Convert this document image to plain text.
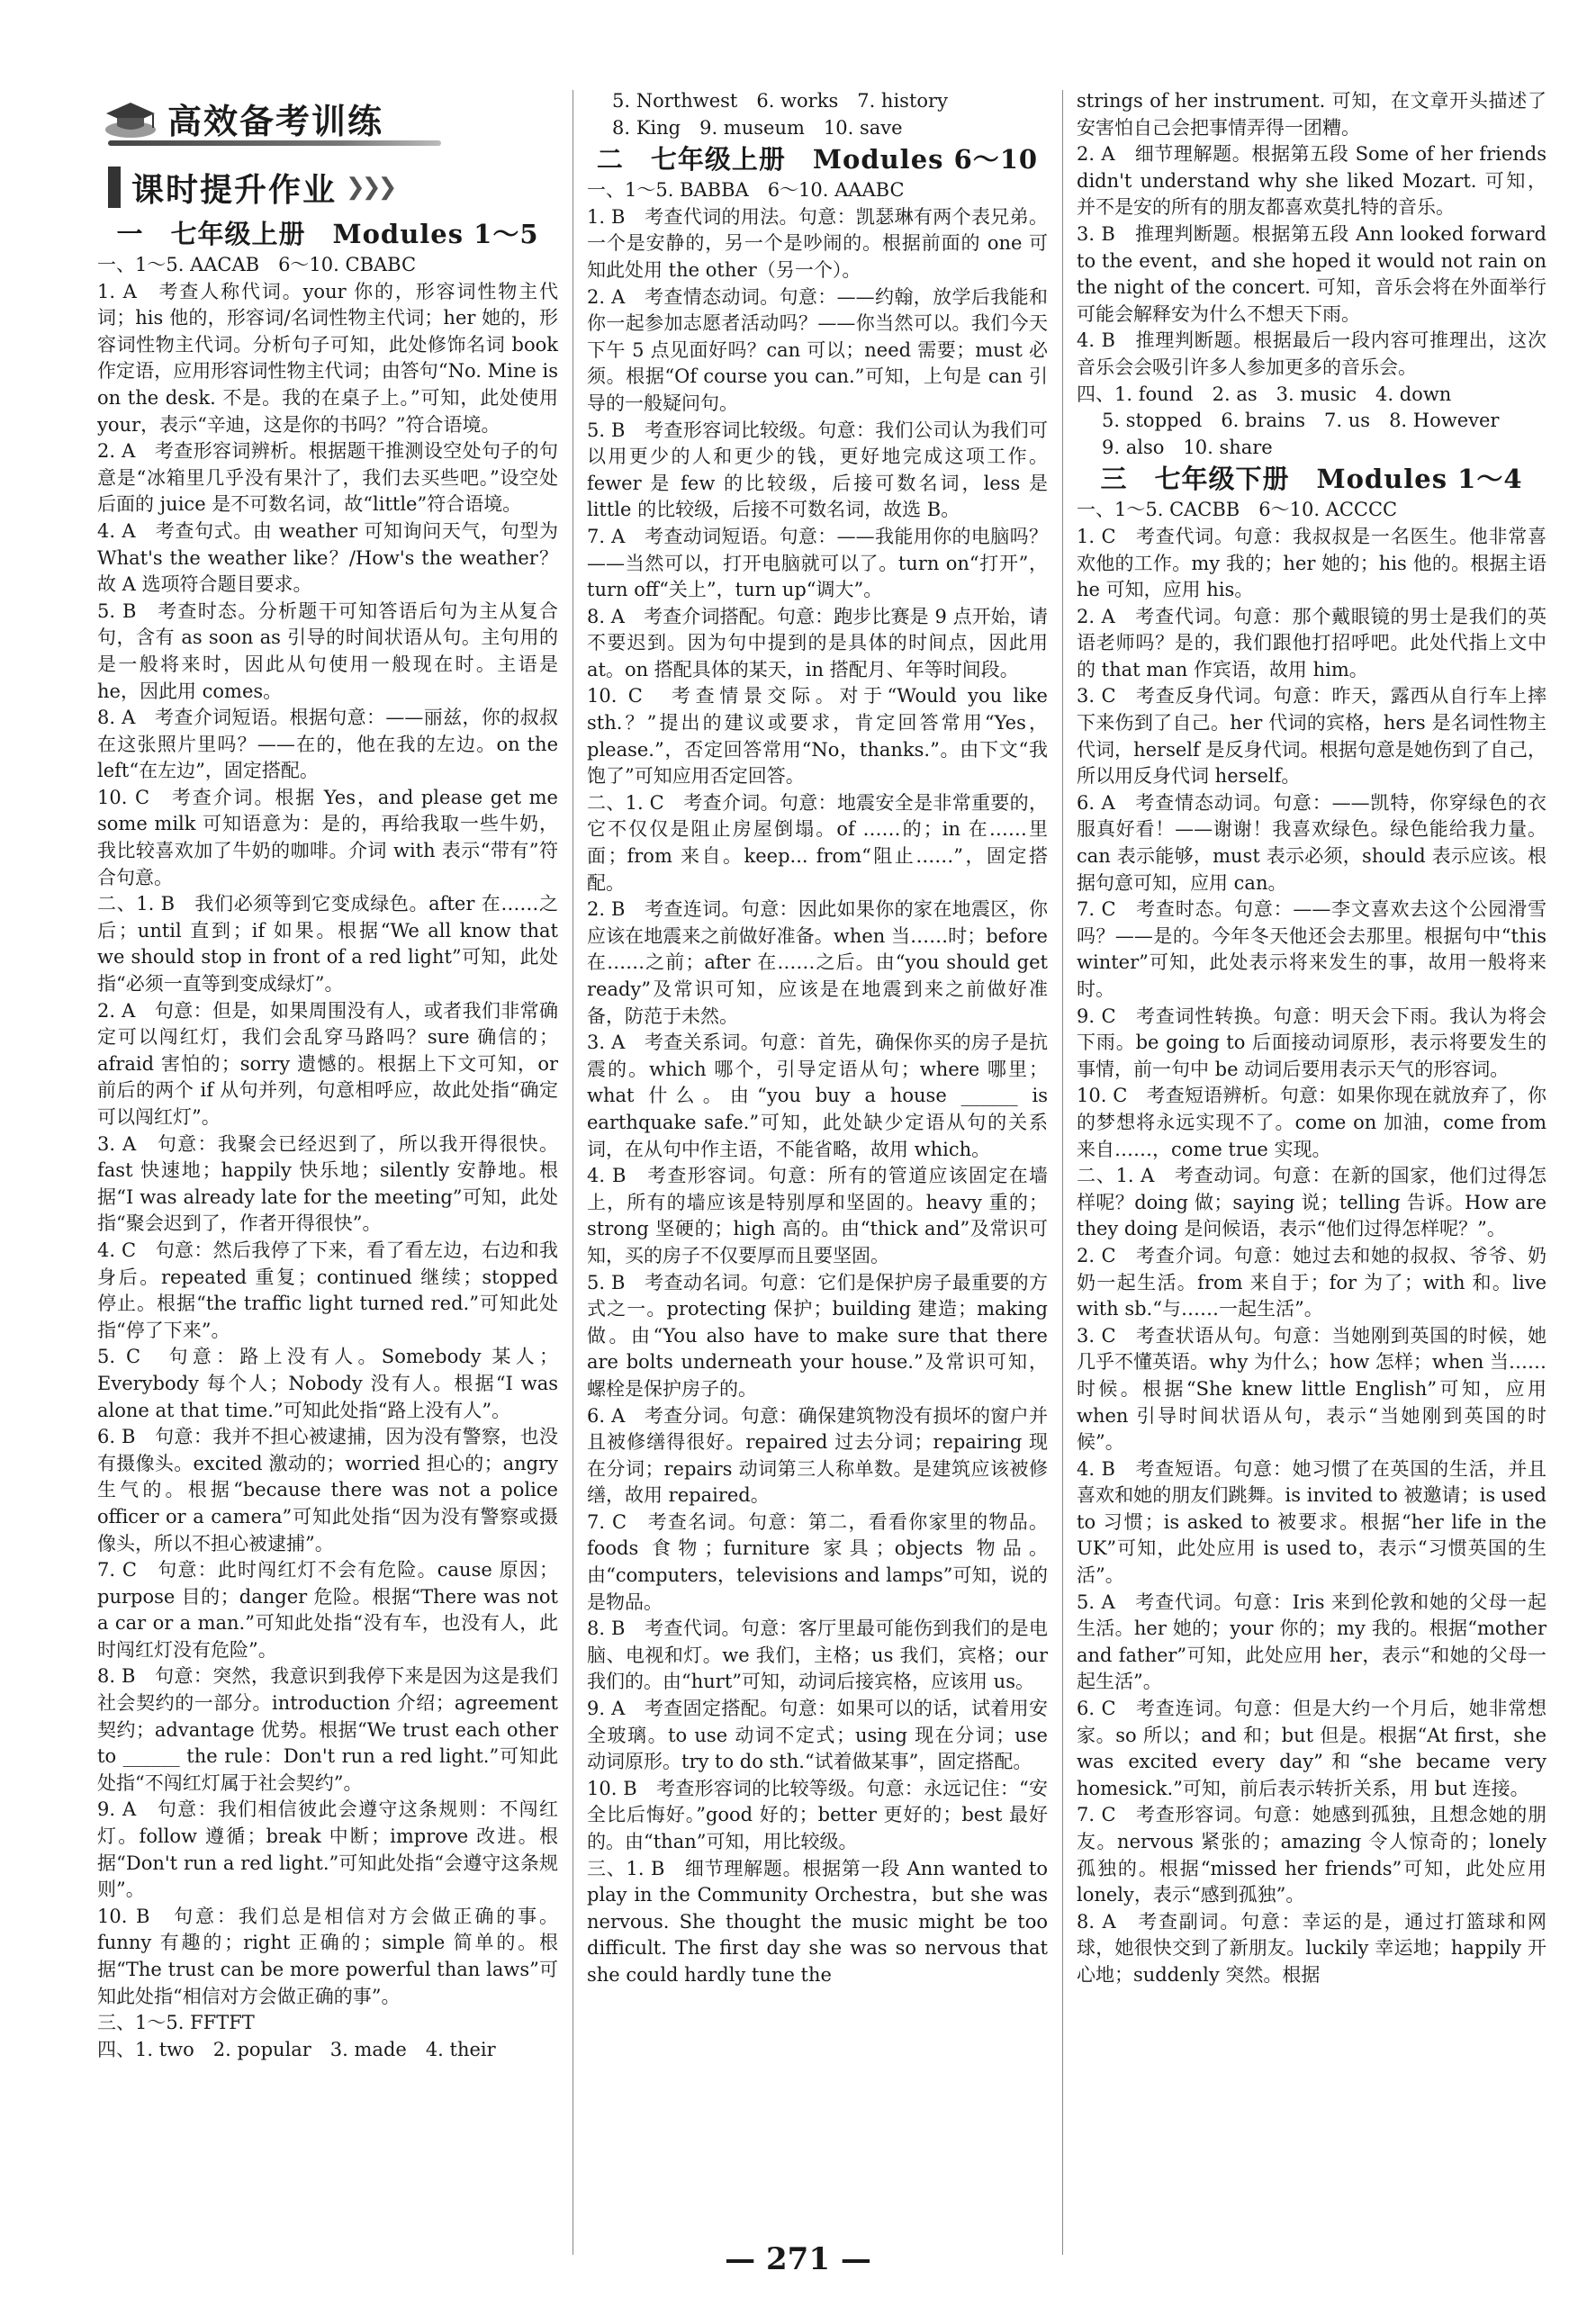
高效备考训练
课时提升作业 ❯❯❯
一　七年级上册　Modules 1～5
一、1～5. AACAB　6～10. CBABC
1. A　考查人称代词。your 你的，形容词性物主代词；his 他的，形容词/名词性物主代词；her 她的，形容词性物主代词。分析句子可知，此处修饰名词 book 作定语，应用形容词性物主代词；由答句“No. Mine is on the desk. 不是。我的在桌子上。”可知，此处使用 your，表示“辛迪，这是你的书吗？”符合语境。
2. A　考查形容词辨析。根据题干推测设空处句子的句意是“冰箱里几乎没有果汁了，我们去买些吧。”设空处后面的 juice 是不可数名词，故“little”符合语境。
4. A　考查句式。由 weather 可知询问天气，句型为 What's the weather like？/How's the weather？故 A 选项符合题目要求。
5. B　考查时态。分析题干可知答语后句为主从复合句，含有 as soon as 引导的时间状语从句。主句用的是一般将来时，因此从句使用一般现在时。主语是 he，因此用 comes。
8. A　考查介词短语。根据句意：——丽兹，你的叔叔在这张照片里吗？——在的，他在我的左边。on the left“在左边”，固定搭配。
10. C　考查介词。根据 Yes，and please get me some milk 可知语意为：是的，再给我取一些牛奶，我比较喜欢加了牛奶的咖啡。介词 with 表示“带有”符合句意。
二、1. B　我们必须等到它变成绿色。after 在……之后；until 直到；if 如果。根据“We all know that we should stop in front of a red light”可知，此处指“必须一直等到变成绿灯”。
2. A　句意：但是，如果周围没有人，或者我们非常确定可以闯红灯，我们会乱穿马路吗？sure 确信的；afraid 害怕的；sorry 遗憾的。根据上下文可知，or 前后的两个 if 从句并列，句意相呼应，故此处指“确定可以闯红灯”。
3. A　句意：我聚会已经迟到了，所以我开得很快。fast 快速地；happily 快乐地；silently 安静地。根据“I was already late for the meeting”可知，此处指“聚会迟到了，作者开得很快”。
4. C　句意：然后我停了下来，看了看左边，右边和我身后。repeated 重复；continued 继续；stopped 停止。根据“the traffic light turned red.”可知此处指“停了下来”。
5. C　句意：路上没有人。Somebody 某人；Everybody 每个人；Nobody 没有人。根据“I was alone at that time.”可知此处指“路上没有人”。
6. B　句意：我并不担心被逮捕，因为没有警察，也没有摄像头。excited 激动的；worried 担心的；angry 生气的。根据“because there was not a police officer or a camera”可知此处指“因为没有警察或摄像头，所以不担心被逮捕”。
7. C　句意：此时闯红灯不会有危险。cause 原因；purpose 目的；danger 危险。根据“There was not a car or a man.”可知此处指“没有车，也没有人，此时闯红灯没有危险”。
8. B　句意：突然，我意识到我停下来是因为这是我们社会契约的一部分。introduction 介绍；agreement 契约；advantage 优势。根据“We trust each other to ______ the rule：Don't run a red light.”可知此处指“不闯红灯属于社会契约”。
9. A　句意：我们相信彼此会遵守这条规则：不闯红灯。follow 遵循；break 中断；improve 改进。根据“Don't run a red light.”可知此处指“会遵守这条规则”。
10. B　句意：我们总是相信对方会做正确的事。funny 有趣的；right 正确的；simple 简单的。根据“The trust can be more powerful than laws”可知此处指“相信对方会做正确的事”。
三、1～5. FFTFT
四、1. two　2. popular　3. made　4. their
5. Northwest　6. works　7. history
8. King　9. museum　10. save
二　七年级上册　Modules 6～10
一、1～5. BABBA　6～10. AAABC
1. B　考查代词的用法。句意：凯瑟琳有两个表兄弟。一个是安静的，另一个是吵闹的。根据前面的 one 可知此处用 the other（另一个）。
2. A　考查情态动词。句意：——约翰，放学后我能和你一起参加志愿者活动吗？——你当然可以。我们今天下午 5 点见面好吗？can 可以；need 需要；must 必须。根据“Of course you can.”可知，上句是 can 引导的一般疑问句。
5. B　考查形容词比较级。句意：我们公司认为我们可以用更少的人和更少的钱，更好地完成这项工作。fewer 是 few 的比较级，后接可数名词，less 是 little 的比较级，后接不可数名词，故选 B。
7. A　考查动词短语。句意：——我能用你的电脑吗？——当然可以，打开电脑就可以了。turn on“打开”，turn off“关上”，turn up“调大”。
8. A　考查介词搭配。句意：跑步比赛是 9 点开始，请不要迟到。因为句中提到的是具体的时间点，因此用 at。on 搭配具体的某天，in 搭配月、年等时间段。
10. C　考查情景交际。对于“Would you like sth.？”提出的建议或要求，肯定回答常用“Yes，please.”，否定回答常用“No，thanks.”。由下文“我饱了”可知应用否定回答。
二、1. C　考查介词。句意：地震安全是非常重要的，它不仅仅是阻止房屋倒塌。of ……的；in 在……里面；from 来自。keep... from“阻止……”，固定搭配。
2. B　考查连词。句意：因此如果你的家在地震区，你应该在地震来之前做好准备。when 当……时；before 在……之前；after 在……之后。由“you should get ready”及常识可知，应该是在地震到来之前做好准备，防范于未然。
3. A　考查关系词。句意：首先，确保你买的房子是抗震的。which 哪个，引导定语从句；where 哪里；what 什么。由“you buy a house ______ is earthquake safe.”可知，此处缺少定语从句的关系词，在从句中作主语，不能省略，故用 which。
4. B　考查形容词。句意：所有的管道应该固定在墙上，所有的墙应该是特别厚和坚固的。heavy 重的；strong 坚硬的；high 高的。由“thick and”及常识可知，买的房子不仅要厚而且要坚固。
5. B　考查动名词。句意：它们是保护房子最重要的方式之一。protecting 保护；building 建造；making 做。由“You also have to make sure that there are bolts underneath your house.”及常识可知，螺栓是保护房子的。
6. A　考查分词。句意：确保建筑物没有损坏的窗户并且被修缮得很好。repaired 过去分词；repairing 现在分词；repairs 动词第三人称单数。是建筑应该被修缮，故用 repaired。
7. C　考查名词。句意：第二，看看你家里的物品。foods 食物；furniture 家具；objects 物品。由“computers，televisions and lamps”可知，说的是物品。
8. B　考查代词。句意：客厅里最可能伤到我们的是电脑、电视和灯。we 我们，主格；us 我们，宾格；our 我们的。由“hurt”可知，动词后接宾格，应该用 us。
9. A　考查固定搭配。句意：如果可以的话，试着用安全玻璃。to use 动词不定式；using 现在分词；use 动词原形。try to do sth.“试着做某事”，固定搭配。
10. B　考查形容词的比较等级。句意：永远记住：“安全比后悔好。”good 好的；better 更好的；best 最好的。由“than”可知，用比较级。
三、1. B　细节理解题。根据第一段 Ann wanted to play in the Community Orchestra，but she was nervous. She thought the music might be too difficult. The first day she was so nervous that she could hardly tune the
strings of her instrument. 可知，在文章开头描述了安害怕自己会把事情弄得一团糟。
2. A　细节理解题。根据第五段 Some of her friends didn't understand why she liked Mozart. 可知，并不是安的所有的朋友都喜欢莫扎特的音乐。
3. B　推理判断题。根据第五段 Ann looked forward to the event，and she hoped it would not rain on the night of the concert. 可知，音乐会将在外面举行可能会解释安为什么不想天下雨。
4. B　推理判断题。根据最后一段内容可推理出，这次音乐会会吸引许多人参加更多的音乐会。
四、1. found　2. as　3. music　4. down
5. stopped　6. brains　7. us　8. However
9. also　10. share
三　七年级下册　Modules 1～4
一、1～5. CACBB　6～10. ACCCC
1. C　考查代词。句意：我叔叔是一名医生。他非常喜欢他的工作。my 我的；her 她的；his 他的。根据主语 he 可知，应用 his。
2. A　考查代词。句意：那个戴眼镜的男士是我们的英语老师吗？是的，我们跟他打招呼吧。此处代指上文中的 that man 作宾语，故用 him。
3. C　考查反身代词。句意：昨天，露西从自行车上摔下来伤到了自己。her 代词的宾格，hers 是名词性物主代词，herself 是反身代词。根据句意是她伤到了自己，所以用反身代词 herself。
6. A　考查情态动词。句意：——凯特，你穿绿色的衣服真好看！——谢谢！我喜欢绿色。绿色能给我力量。can 表示能够，must 表示必须，should 表示应该。根据句意可知，应用 can。
7. C　考查时态。句意：——李文喜欢去这个公园滑雪吗？——是的。今年冬天他还会去那里。根据句中“this winter”可知，此处表示将来发生的事，故用一般将来时。
9. C　考查词性转换。句意：明天会下雨。我认为将会下雨。be going to 后面接动词原形，表示将要发生的事情，前一句中 be 动词后要用表示天气的形容词。
10. C　考查短语辨析。句意：如果你现在就放弃了，你的梦想将永远实现不了。come on 加油，come from 来自……，come true 实现。
二、1. A　考查动词。句意：在新的国家，他们过得怎样呢？doing 做；saying 说；telling 告诉。How are they doing 是问候语，表示“他们过得怎样呢？”。
2. C　考查介词。句意：她过去和她的叔叔、爷爷、奶奶一起生活。from 来自于；for 为了；with 和。live with sb.“与……一起生活”。
3. C　考查状语从句。句意：当她刚到英国的时候，她几乎不懂英语。why 为什么；how 怎样；when 当……时候。根据“She knew little English”可知，应用 when 引导时间状语从句，表示“当她刚到英国的时候”。
4. B　考查短语。句意：她习惯了在英国的生活，并且喜欢和她的朋友们跳舞。is invited to 被邀请；is used to 习惯；is asked to 被要求。根据“her life in the UK”可知，此处应用 is used to，表示“习惯英国的生活”。
5. A　考查代词。句意：Iris 来到伦敦和她的父母一起生活。her 她的；your 你的；my 我的。根据“mother and father”可知，此处应用 her，表示“和她的父母一起生活”。
6. C　考查连词。句意：但是大约一个月后，她非常想家。so 所以；and 和；but 但是。根据“At first，she was excited every day”和“she became very homesick.”可知，前后表示转折关系，用 but 连接。
7. C　考查形容词。句意：她感到孤独，且想念她的朋友。nervous 紧张的；amazing 令人惊奇的；lonely 孤独的。根据“missed her friends”可知，此处应用 lonely，表示“感到孤独”。
8. A　考查副词。句意：幸运的是，通过打篮球和网球，她很快交到了新朋友。luckily 幸运地；happily 开心地；suddenly 突然。根据
— 271 —
